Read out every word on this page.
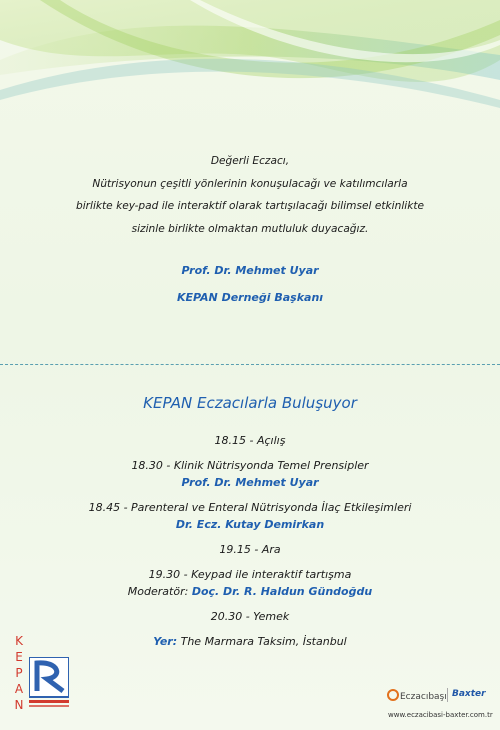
Değerli Eczacı,
Nütrisyonun çeşitli yönlerinin konuşulacağı ve katılımcılarla
birlikte key-pad ile interaktif olarak tartışılacağı bilimsel etkinlikte
sizinle birlikte olmaktan mutluluk duyacağız.
Prof. Dr. Mehmet Uyar
KEPAN Derneği Başkanı
KEPAN Eczacılarla Buluşuyor
18.15 - Açılış
18.30 - Klinik Nütrisyonda Temel Prensipler
Prof. Dr. Mehmet Uyar
18.45 - Parenteral ve Enteral Nütrisyonda İlaç Etkileşimleri
Dr. Ecz. Kutay Demirkan
19.15 - Ara
19.30 - Keypad ile interaktif tartışma
Moderatör: Doç. Dr. R. Haldun Gündoğdu
20.30 - Yemek
Yer: The Marmara Taksim, İstanbul
K
E
P
A
N
Eczacıbaşı Baxter
www.eczacibasi-baxter.com.tr
